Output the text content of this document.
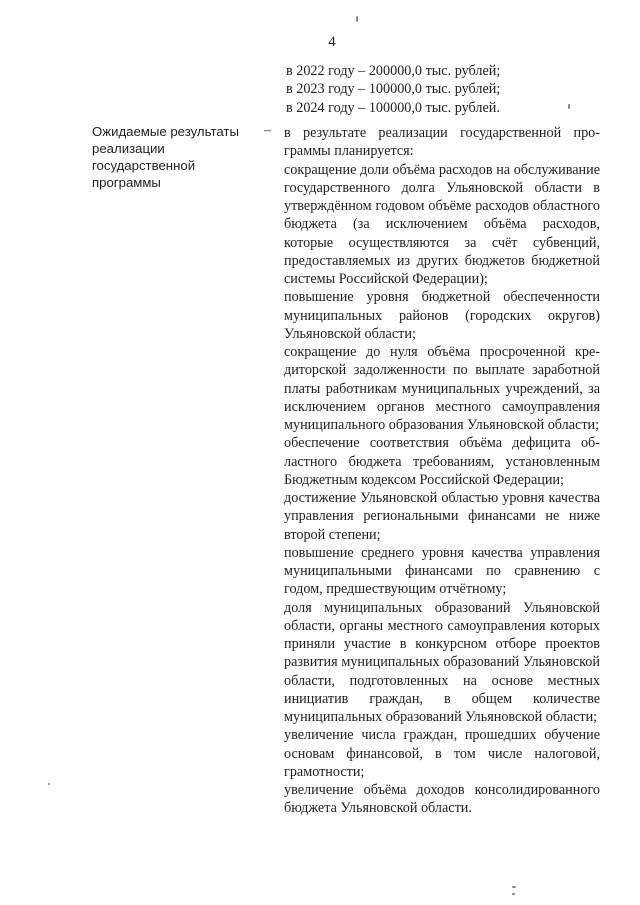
4
в 2022 году – 200000,0 тыс. рублей;
в 2023 году – 100000,0 тыс. рублей;
в 2024 году – 100000,0 тыс. рублей.
Ожидаемые результаты
реализации
государственной
программы
– в результате реализации государственной программы планируется:

сокращение доли объёма расходов на обслуживание государственного долга Ульяновской области в утверждённом годовом объёме расходов областного бюджета (за исключением объёма расходов, которые осуществляются за счёт субвенций, предоставляемых из других бюджетов бюджетной системы Российской Федерации);

повышение уровня бюджетной обеспеченности муниципальных районов (городских округов) Ульяновской области;

сокращение до нуля объёма просроченной кредиторской задолженности по выплате заработной платы работникам муниципальных учреждений, за исключением органов местного самоуправления муниципального образования Ульяновской области;

обеспечение соответствия объёма дефицита областного бюджета требованиям, установленным Бюджетным кодексом Российской Федерации;

достижение Ульяновской областью уровня качества управления региональными финансами не ниже второй степени;

повышение среднего уровня качества управления муниципальными финансами по сравнению с годом, предшествующим отчётному;

доля муниципальных образований Ульяновской области, органы местного самоуправления которых приняли участие в конкурсном отборе проектов развития муниципальных образований Ульяновской области, подготовленных на основе местных инициатив граждан, в общем количестве муниципальных образований Ульяновской области;

увеличение числа граждан, прошедших обучение основам финансовой, в том числе налоговой, грамотности;

увеличение объёма доходов консолидированного бюджета Ульяновской области.
